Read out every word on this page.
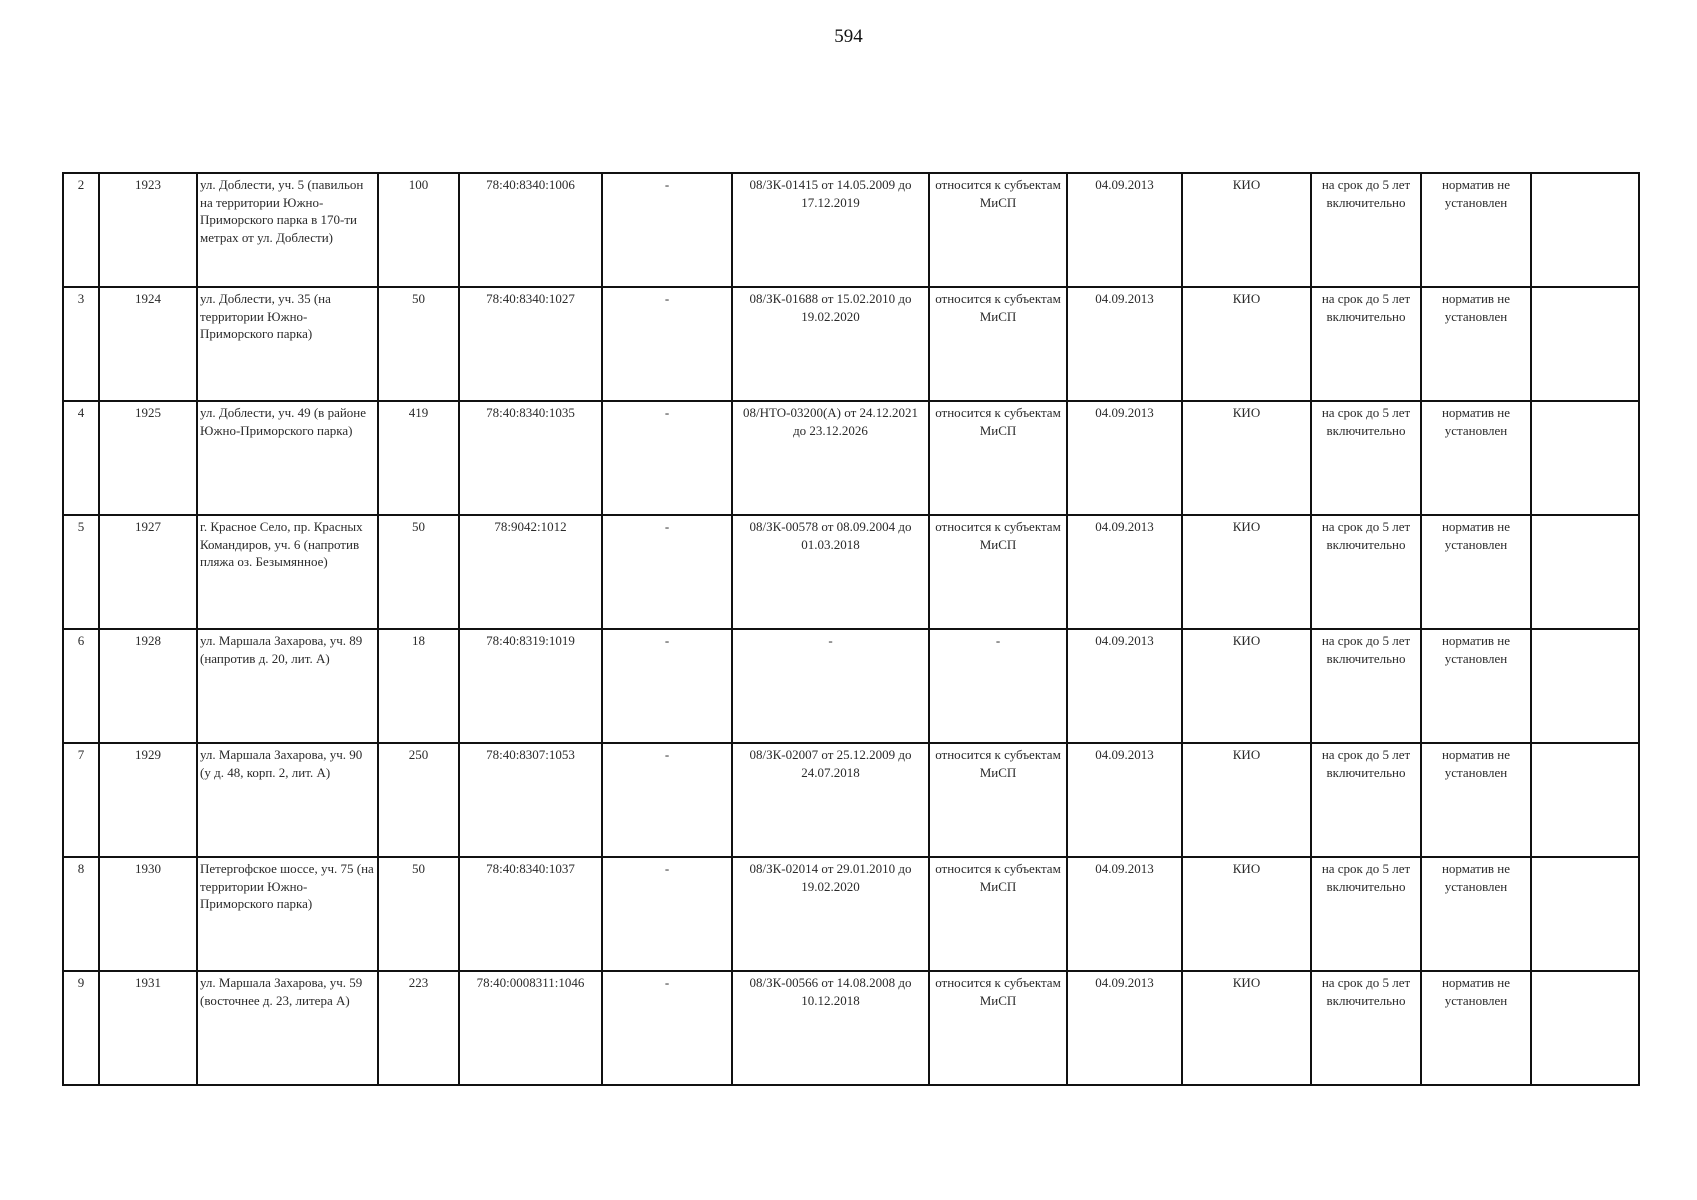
594
2	1923	ул. Доблести, уч. 5 (павильон на территории Южно-Приморского парка в 170-ти метрах от ул. Доблести)	100	78:40:8340:1006	-	08/ЗК-01415 от 14.05.2009 до 17.12.2019	относится к субъектам МиСП	04.09.2013	КИО	на срок до 5 лет включительно	норматив не установлен	
3	1924	ул. Доблести, уч. 35 (на территории Южно-Приморского парка)	50	78:40:8340:1027	-	08/ЗК-01688 от 15.02.2010 до 19.02.2020	относится к субъектам МиСП	04.09.2013	КИО	на срок до 5 лет включительно	норматив не установлен	
4	1925	ул. Доблести, уч. 49 (в районе Южно-Приморского парка)	419	78:40:8340:1035	-	08/НТО-03200(А) от 24.12.2021 до 23.12.2026	относится к субъектам МиСП	04.09.2013	КИО	на срок до 5 лет включительно	норматив не установлен	
5	1927	г. Красное Село, пр. Красных Командиров, уч. 6 (напротив пляжа оз. Безымянное)	50	78:9042:1012	-	08/ЗК-00578 от 08.09.2004 до 01.03.2018	относится к субъектам МиСП	04.09.2013	КИО	на срок до 5 лет включительно	норматив не установлен	
6	1928	ул. Маршала Захарова, уч. 89 (напротив д. 20, лит. А)	18	78:40:8319:1019	-	-	-	04.09.2013	КИО	на срок до 5 лет включительно	норматив не установлен	
7	1929	ул. Маршала Захарова, уч. 90 (у д. 48, корп. 2, лит. А)	250	78:40:8307:1053	-	08/ЗК-02007 от 25.12.2009 до 24.07.2018	относится к субъектам МиСП	04.09.2013	КИО	на срок до 5 лет включительно	норматив не установлен	
8	1930	Петергофское шоссе, уч. 75 (на территории Южно-Приморского парка)	50	78:40:8340:1037	-	08/ЗК-02014 от 29.01.2010 до 19.02.2020	относится к субъектам МиСП	04.09.2013	КИО	на срок до 5 лет включительно	норматив не установлен	
9	1931	ул. Маршала Захарова, уч. 59 (восточнее д. 23, литера А)	223	78:40:0008311:1046	-	08/ЗК-00566 от 14.08.2008 до 10.12.2018	относится к субъектам МиСП	04.09.2013	КИО	на срок до 5 лет включительно	норматив не установлен	
